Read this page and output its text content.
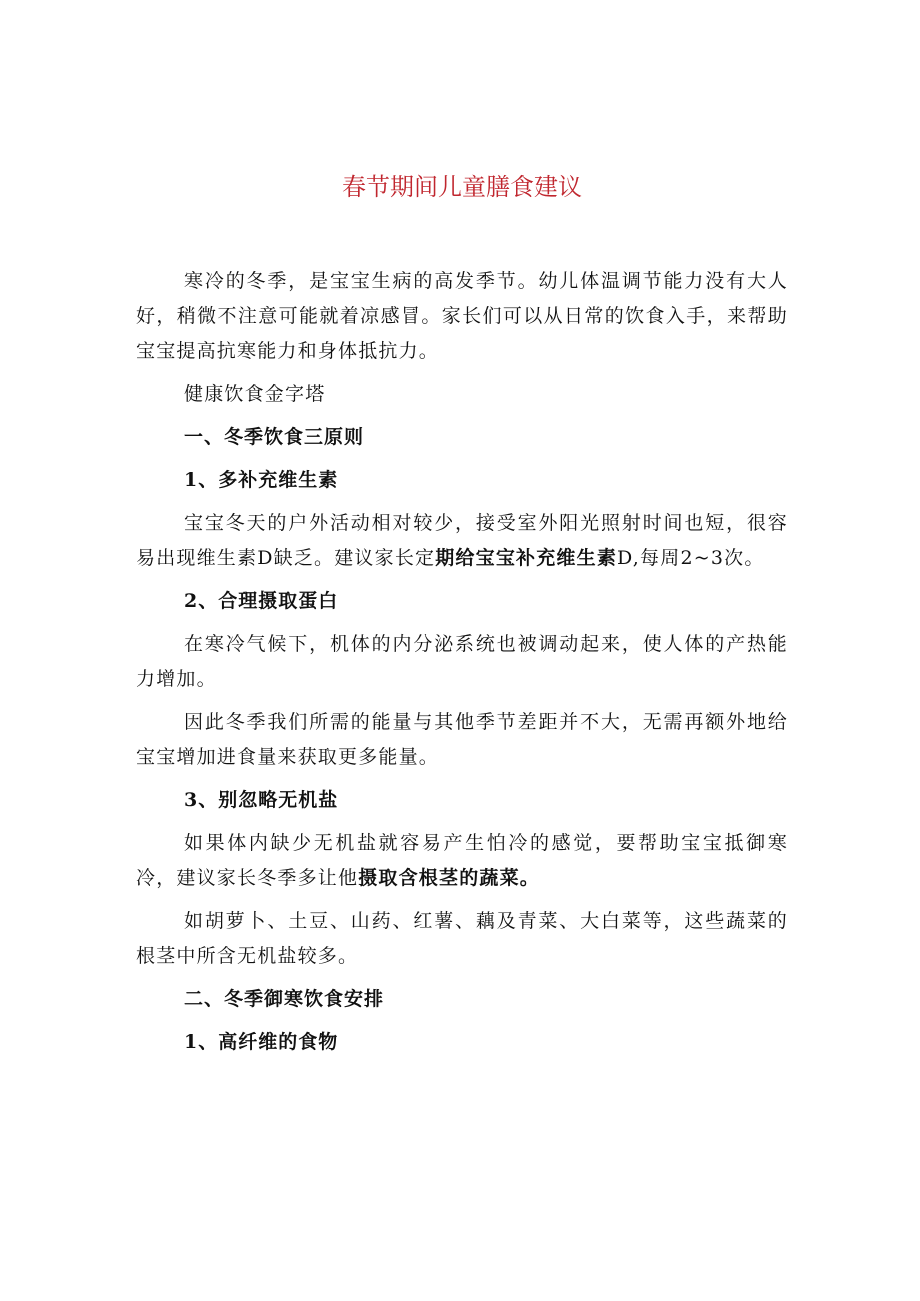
春节期间儿童膳食建议

寒冷的冬季，是宝宝生病的高发季节。幼儿体温调节能力没有大人好，稍微不注意可能就着凉感冒。家长们可以从日常的饮食入手，来帮助宝宝提高抗寒能力和身体抵抗力。

健康饮食金字塔

一、冬季饮食三原则

1、多补充维生素

宝宝冬天的户外活动相对较少，接受室外阳光照射时间也短，很容易出现维生素D缺乏。建议家长定期给宝宝补充维生素D,每周2~3次。

2、合理摄取蛋白

在寒冷气候下，机体的内分泌系统也被调动起来，使人体的产热能力增加。

因此冬季我们所需的能量与其他季节差距并不大，无需再额外地给宝宝增加进食量来获取更多能量。

3、别忽略无机盐

如果体内缺少无机盐就容易产生怕冷的感觉，要帮助宝宝抵御寒冷，建议家长冬季多让他摄取含根茎的蔬菜。

如胡萝卜、土豆、山药、红薯、藕及青菜、大白菜等，这些蔬菜的根茎中所含无机盐较多。

二、冬季御寒饮食安排

1、高纤维的食物
